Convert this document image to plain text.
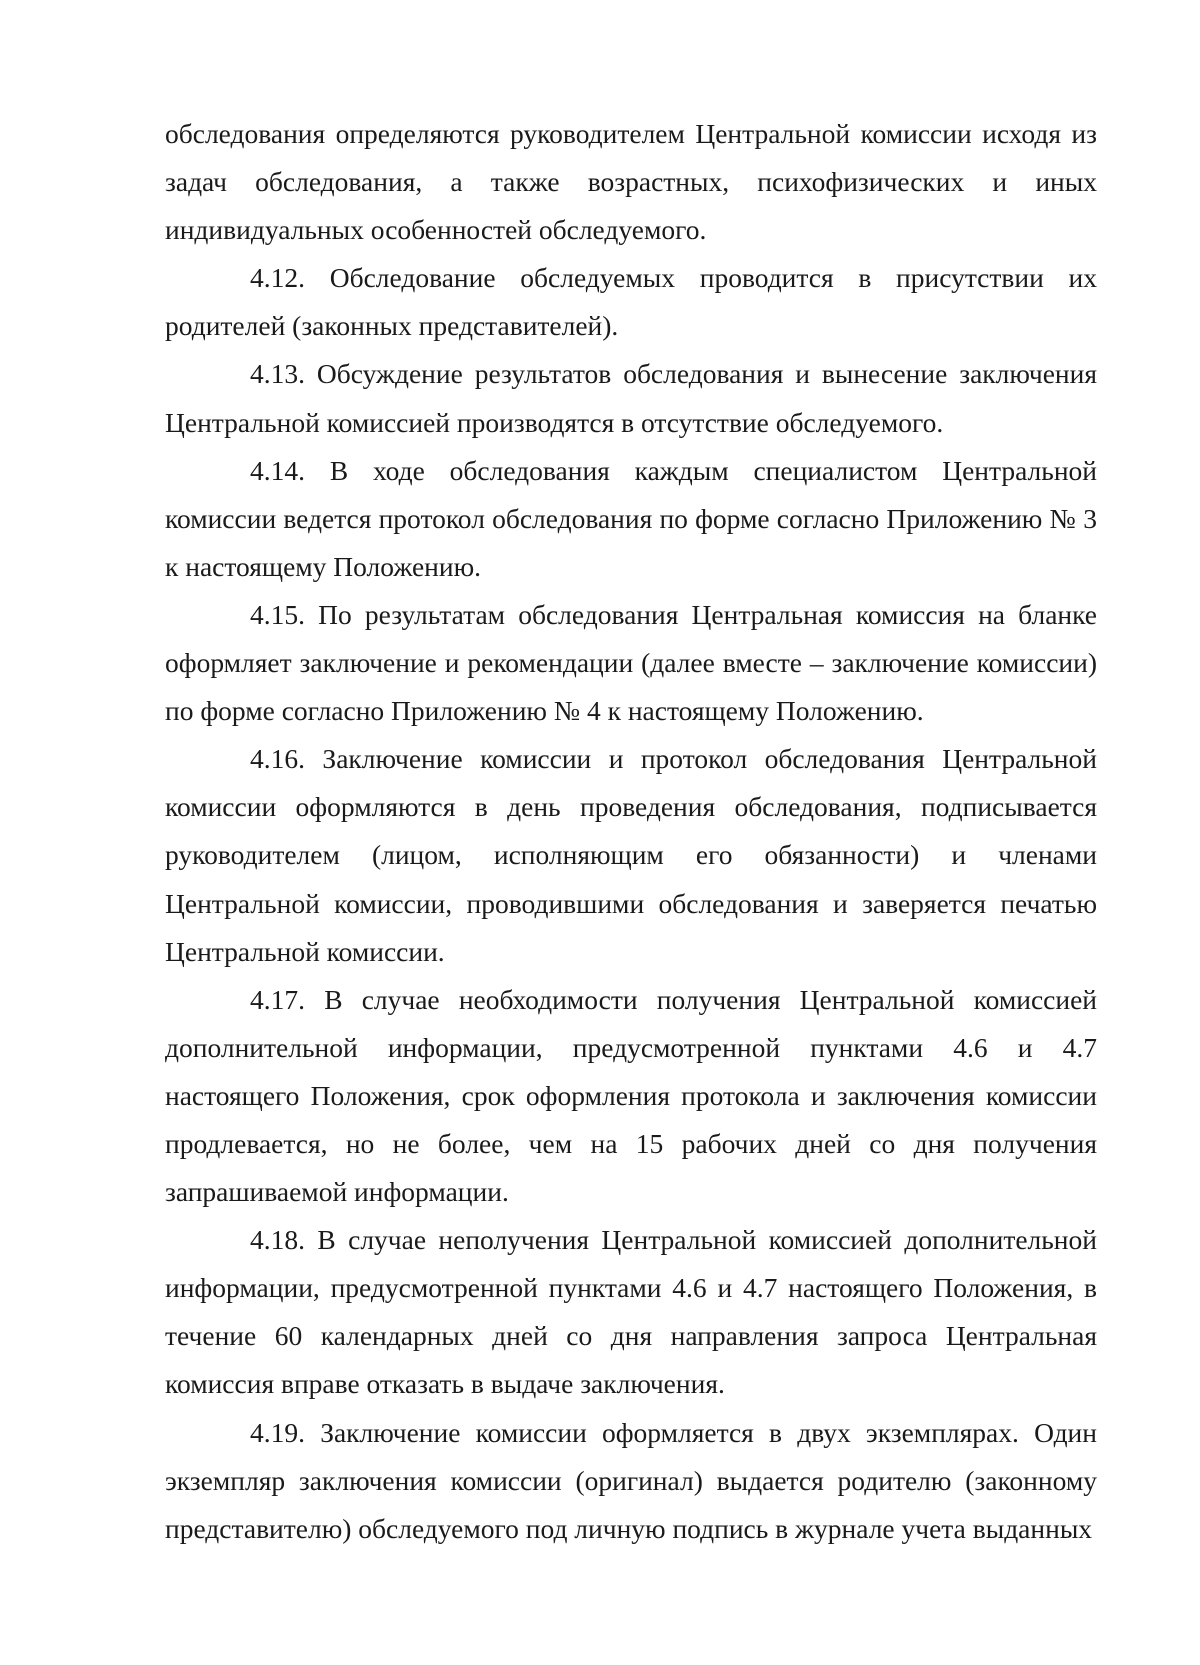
обследования определяются руководителем Центральной комиссии исходя из задач обследования, а также возрастных, психофизических и иных индивидуальных особенностей обследуемого.

4.12. Обследование обследуемых проводится в присутствии их родителей (законных представителей).

4.13. Обсуждение результатов обследования и вынесение заключения Центральной комиссией производятся в отсутствие обследуемого.

4.14. В ходе обследования каждым специалистом Центральной комиссии ведется протокол обследования по форме согласно Приложению № 3 к настоящему Положению.

4.15. По результатам обследования Центральная комиссия на бланке оформляет заключение и рекомендации (далее вместе – заключение комиссии) по форме согласно Приложению № 4 к настоящему Положению.

4.16. Заключение комиссии и протокол обследования Центральной комиссии оформляются в день проведения обследования, подписывается руководителем (лицом, исполняющим его обязанности) и членами Центральной комиссии, проводившими обследования и заверяется печатью Центральной комиссии.

4.17. В случае необходимости получения Центральной комиссией дополнительной информации, предусмотренной пунктами 4.6 и 4.7 настоящего Положения, срок оформления протокола и заключения комиссии продлевается, но не более, чем на 15 рабочих дней со дня получения запрашиваемой информации.

4.18. В случае неполучения Центральной комиссией дополнительной информации, предусмотренной пунктами 4.6 и 4.7 настоящего Положения, в течение 60 календарных дней со дня направления запроса Центральная комиссия вправе отказать в выдаче заключения.

4.19. Заключение комиссии оформляется в двух экземплярах. Один экземпляр заключения комиссии (оригинал) выдается родителю (законному представителю) обследуемого под личную подпись в журнале учета выданных
